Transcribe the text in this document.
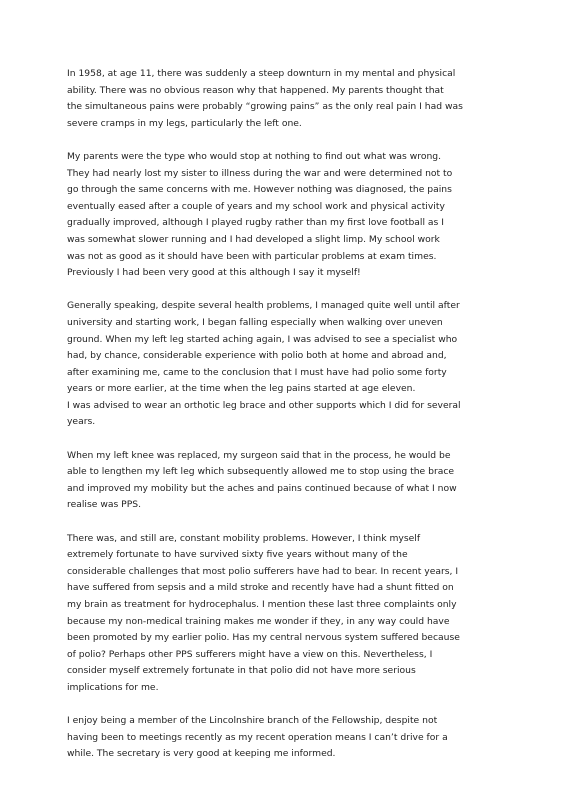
In 1958, at age 11, there was suddenly a steep downturn in my mental and physical
ability. There was no obvious reason why that happened. My parents thought that
the simultaneous pains were probably “growing pains” as the only real pain I had was
severe cramps in my legs, particularly the left one.

My parents were the type who would stop at nothing to find out what was wrong.
They had nearly lost my sister to illness during the war and were determined not to
go through the same concerns with me. However nothing was diagnosed, the pains
eventually eased after a couple of years and my school work and physical activity
gradually improved, although I played rugby rather than my first love football as I
was somewhat slower running and I had developed a slight limp. My school work
was not as good as it should have been with particular problems at exam times.
Previously I had been very good at this although I say it myself!

Generally speaking, despite several health problems, I managed quite well until after
university and starting work, I began falling especially when walking over uneven
ground. When my left leg started aching again, I was advised to see a specialist who
had, by chance, considerable experience with polio both at home and abroad and,
after examining me, came to the conclusion that I must have had polio some forty
years or more earlier, at the time when the leg pains started at age eleven.
I was advised to wear an orthotic leg brace and other supports which I did for several
years.

When my left knee was replaced, my surgeon said that in the process, he would be
able to lengthen my left leg which subsequently allowed me to stop using the brace
and improved my mobility but the aches and pains continued because of what I now
realise was PPS.

There was, and still are, constant mobility problems. However, I think myself
extremely fortunate to have survived sixty five years without many of the
considerable challenges that most polio sufferers have had to bear. In recent years, I
have suffered from sepsis and a mild stroke and recently have had a shunt fitted on
my brain as treatment for hydrocephalus. I mention these last three complaints only
because my non-medical training makes me wonder if they, in any way could have
been promoted by my earlier polio. Has my central nervous system suffered because
of polio? Perhaps other PPS sufferers might have a view on this. Nevertheless, I
consider myself extremely fortunate in that polio did not have more serious
implications for me.

I enjoy being a member of the Lincolnshire branch of the Fellowship, despite not
having been to meetings recently as my recent operation means I can’t drive for a
while. The secretary is very good at keeping me informed.
